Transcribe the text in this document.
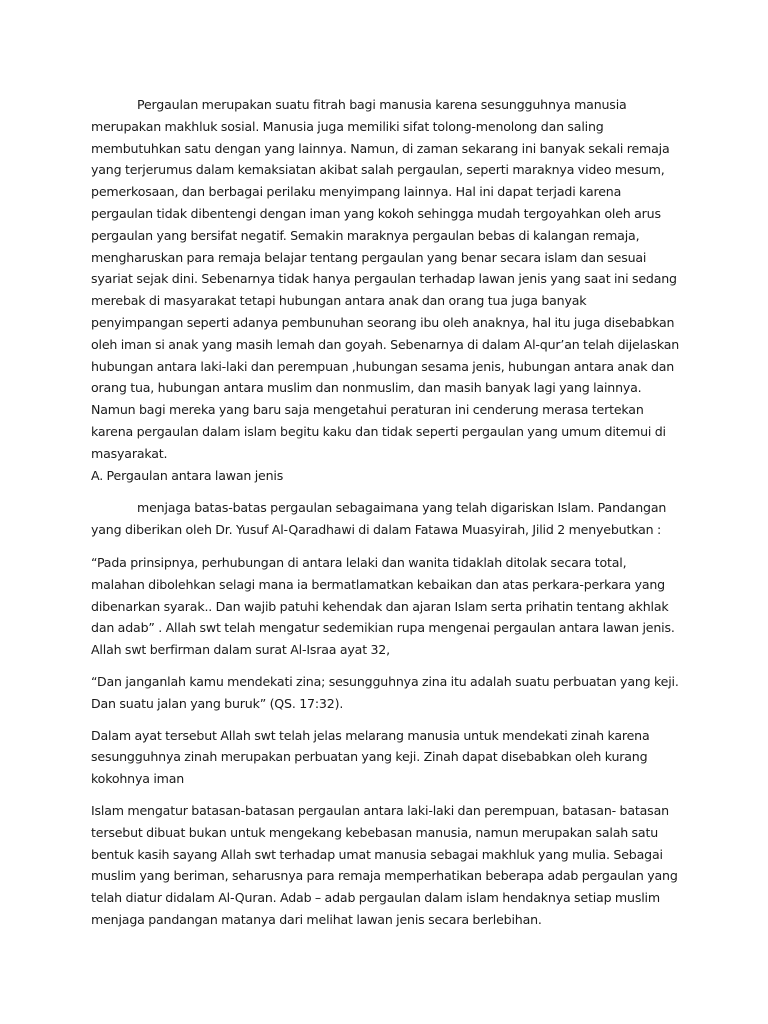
Pergaulan merupakan suatu fitrah bagi manusia karena sesungguhnya manusia merupakan makhluk sosial. Manusia juga memiliki sifat tolong-menolong dan saling membutuhkan satu dengan yang lainnya. Namun, di zaman sekarang ini banyak sekali remaja yang terjerumus dalam kemaksiatan akibat salah pergaulan, seperti maraknya video mesum, pemerkosaan, dan berbagai perilaku menyimpang lainnya. Hal ini dapat terjadi karena pergaulan tidak dibentengi dengan iman yang kokoh sehingga mudah tergoyahkan oleh arus pergaulan yang bersifat negatif. Semakin maraknya pergaulan bebas di kalangan remaja, mengharuskan para remaja belajar tentang pergaulan yang benar secara islam dan sesuai syariat sejak dini. Sebenarnya tidak hanya pergaulan terhadap lawan jenis yang saat ini sedang merebak di masyarakat tetapi hubungan antara anak dan orang tua juga banyak penyimpangan seperti adanya pembunuhan seorang ibu oleh anaknya, hal itu juga disebabkan oleh iman si anak yang masih lemah dan goyah. Sebenarnya di dalam Al-qur’an telah dijelaskan hubungan antara laki-laki dan perempuan ,hubungan sesama jenis, hubungan antara anak dan orang tua, hubungan antara muslim dan nonmuslim, dan masih banyak lagi yang lainnya. Namun bagi mereka yang baru saja mengetahui peraturan ini cenderung merasa tertekan karena pergaulan dalam islam begitu kaku dan tidak seperti pergaulan yang umum ditemui di masyarakat.

A. Pergaulan antara lawan jenis

menjaga batas-batas pergaulan sebagaimana yang telah digariskan Islam. Pandangan yang diberikan oleh Dr. Yusuf Al-Qaradhawi di dalam Fatawa Muasyirah, Jilid 2 menyebutkan :

“Pada prinsipnya, perhubungan di antara lelaki dan wanita tidaklah ditolak secara total, malahan dibolehkan selagi mana ia bermatlamatkan kebaikan dan atas perkara-perkara yang dibenarkan syarak.. Dan wajib patuhi kehendak dan ajaran Islam serta prihatin tentang akhlak dan adab” . Allah swt telah mengatur sedemikian rupa mengenai pergaulan antara lawan jenis. Allah swt berfirman dalam surat Al-Israa ayat 32,

“Dan janganlah kamu mendekati zina; sesungguhnya zina itu adalah suatu perbuatan yang keji. Dan suatu jalan yang buruk” (QS. 17:32).

Dalam ayat tersebut Allah swt telah jelas melarang manusia untuk mendekati zinah karena sesungguhnya zinah merupakan perbuatan yang keji. Zinah dapat disebabkan oleh kurang kokohnya iman

Islam mengatur batasan-batasan pergaulan antara laki-laki dan perempuan, batasan- batasan tersebut dibuat bukan untuk mengekang kebebasan manusia, namun merupakan salah satu bentuk kasih sayang Allah swt terhadap umat manusia sebagai makhluk yang mulia. Sebagai muslim yang beriman, seharusnya para remaja memperhatikan beberapa adab pergaulan yang telah diatur didalam Al-Quran. Adab – adab pergaulan dalam islam hendaknya setiap muslim menjaga pandangan matanya dari melihat lawan jenis secara berlebihan.
